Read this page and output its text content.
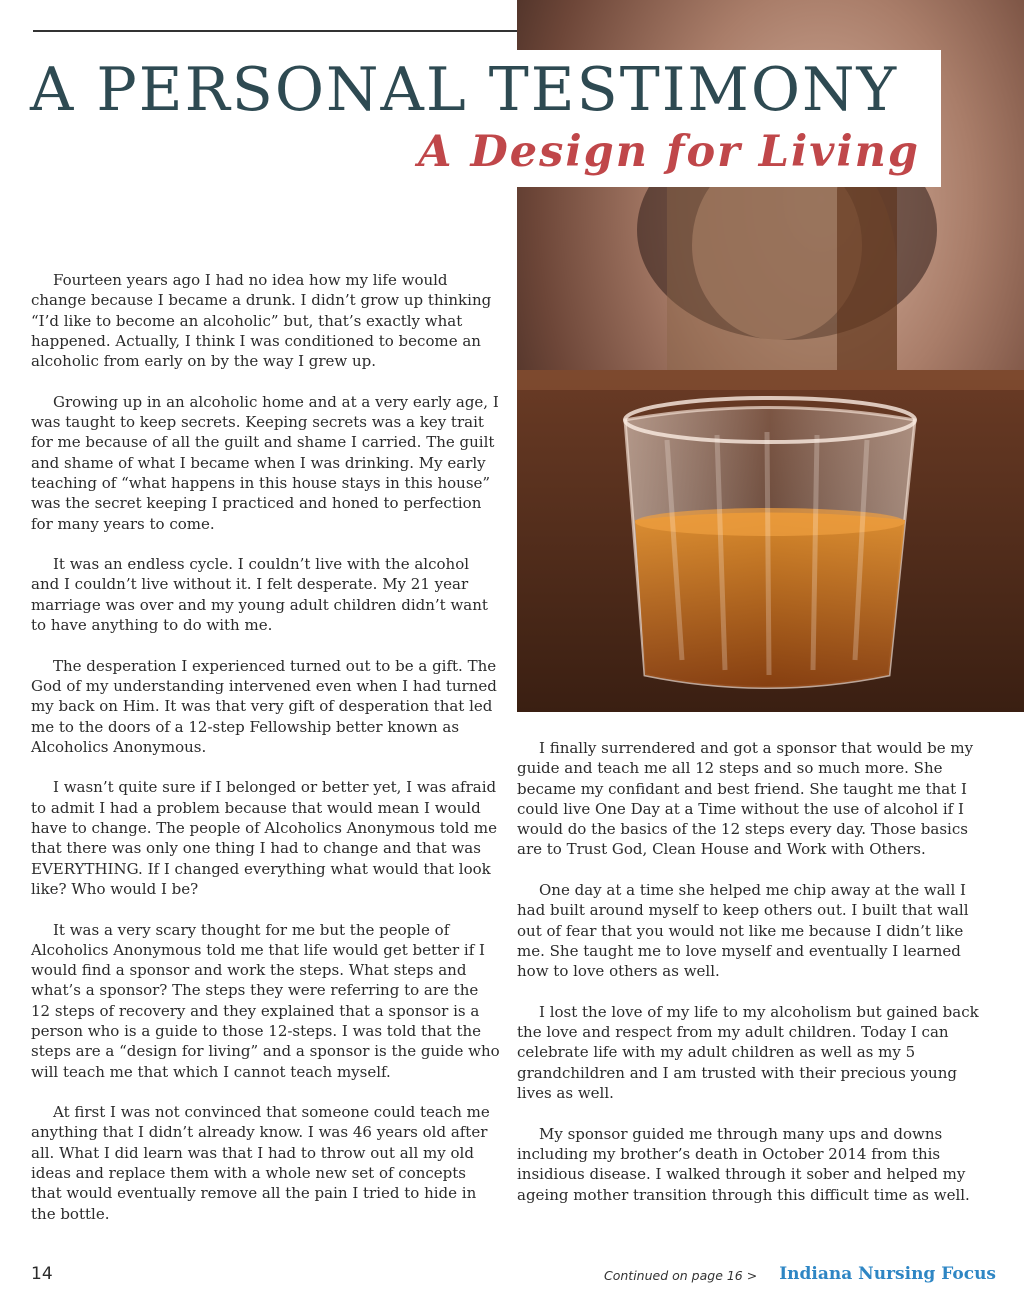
A PERSONAL TESTIMONY
A Design for Living

Fourteen years ago I had no idea how my life would change because I became a drunk. I didn’t grow up thinking “I’d like to become an alcoholic” but, that’s exactly what happened. Actually, I think I was conditioned to become an alcoholic from early on by the way I grew up.

Growing up in an alcoholic home and at a very early age, I was taught to keep secrets. Keeping secrets was a key trait for me because of all the guilt and shame I carried. The guilt and shame of what I became when I was drinking. My early teaching of “what happens in this house stays in this house” was the secret keeping I practiced and honed to perfection for many years to come.

It was an endless cycle. I couldn’t live with the alcohol and I couldn’t live without it. I felt desperate. My 21 year marriage was over and my young adult children didn’t want to have anything to do with me.

The desperation I experienced turned out to be a gift. The God of my understanding intervened even when I had turned my back on Him. It was that very gift of desperation that led me to the doors of a 12-step Fellowship better known as Alcoholics Anonymous.

I wasn’t quite sure if I belonged or better yet, I was afraid to admit I had a problem because that would mean I would have to change. The people of Alcoholics Anonymous told me that there was only one thing I had to change and that was EVERYTHING. If I changed everything what would that look like? Who would I be?

It was a very scary thought for me but the people of Alcoholics Anonymous told me that life would get better if I would find a sponsor and work the steps. What steps and what’s a sponsor? The steps they were referring to are the 12 steps of recovery and they explained that a sponsor is a person who is a guide to those 12-steps. I was told that the steps are a “design for living” and a sponsor is the guide who will teach me that which I cannot teach myself.

At first I was not convinced that someone could teach me anything that I didn’t already know. I was 46 years old after all. What I did learn was that I had to throw out all my old ideas and replace them with a whole new set of concepts that would eventually remove all the pain I tried to hide in the bottle.

I finally surrendered and got a sponsor that would be my guide and teach me all 12 steps and so much more. She became my confidant and best friend. She taught me that I could live One Day at a Time without the use of alcohol if I would do the basics of the 12 steps every day. Those basics are to Trust God, Clean House and Work with Others.

One day at a time she helped me chip away at the wall I had built around myself to keep others out. I built that wall out of fear that you would not like me because I didn’t like me. She taught me to love myself and eventually I learned how to love others as well.

I lost the love of my life to my alcoholism but gained back the love and respect from my adult children. Today I can celebrate life with my adult children as well as my 5 grandchildren and I am trusted with their precious young lives as well.

My sponsor guided me through many ups and downs including my brother’s death in October 2014 from this insidious disease. I walked through it sober and helped my ageing mother transition through this difficult time as well.

14	Continued on page 16 > Indiana Nursing Focus
